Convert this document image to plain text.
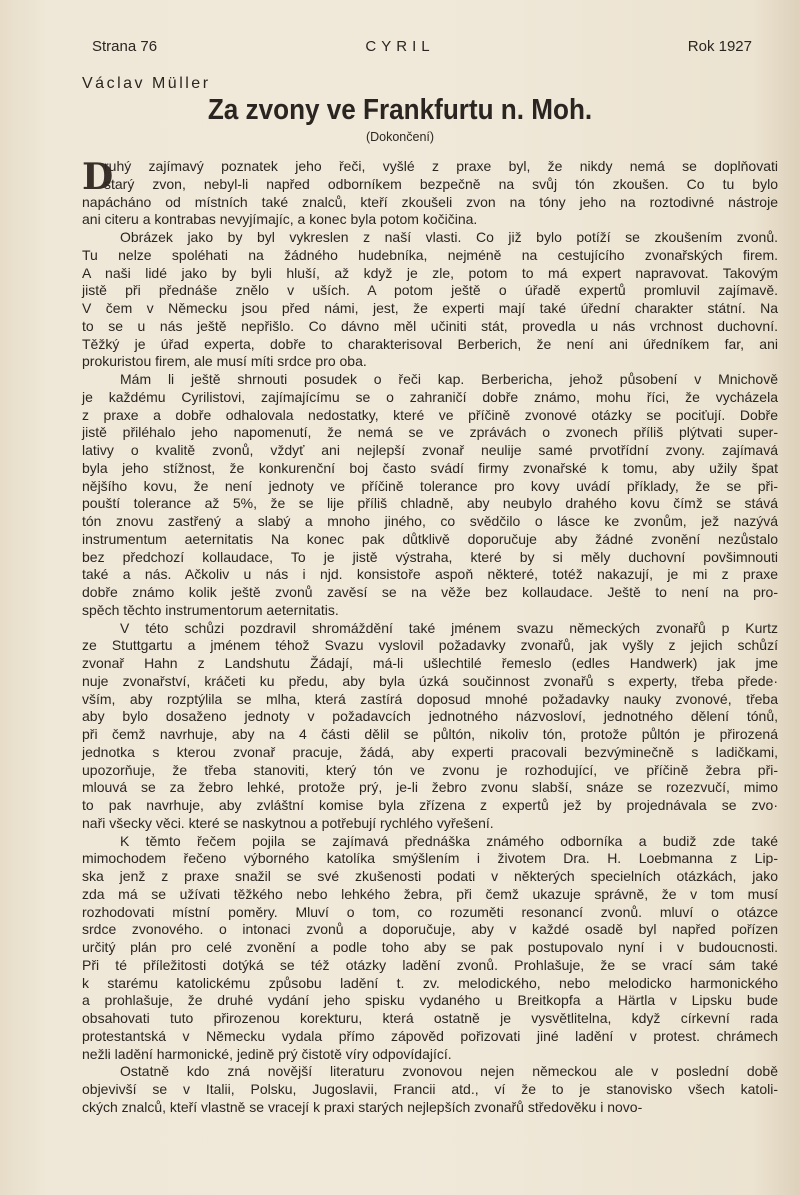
Strana 76	CYRIL	Rok 1927
Václav Müller
Za zvony ve Frankfurtu n. Moh.
(Dokončení)
D
ruhý zajímavý poznatek jeho řeči, vyšlé z praxe byl, že nikdy nemá se doplňovati
starý zvon, nebyl-li napřed odborníkem bezpečně na svůj tón zkoušen. Co tu bylo
napácháno od místních také znalců, kteří zkoušeli zvon na tóny jeho na roztodivné nástroje
ani citeru a kontrabas nevyjímajíc, a konec byla potom kočičina.
Obrázek jako by byl vykreslen z naší vlasti. Co již bylo potíží se zkoušením zvonů.
Tu nelze spoléhati na žádného hudebníka, nejméně na cestujícího zvonařských firem.
A naši lidé jako by byli hluší, až když je zle, potom to má expert napravovat. Takovým
jistě při přednáše znělo v uších. A potom ještě o úřadě expertů promluvil zajímavě.
V čem v Německu jsou před námi, jest, že experti mají také úřední charakter státní. Na
to se u nás ještě nepřišlo. Co dávno měl učiniti stát, provedla u nás vrchnost duchovní.
Těžký je úřad experta, dobře to charakterisoval Berberich, že není ani úředníkem far, ani
prokuristou firem, ale musí míti srdce pro oba.
Mám li ještě shrnouti posudek o řeči kap. Berbericha, jehož působení v Mnichově
je každému Cyrilistovi, zajímajícímu se o zahraničí dobře známo, mohu říci, že vycházela
z praxe a dobře odhalovala nedostatky, které ve příčině zvonové otázky se pociťují. Dobře
jistě přiléhalo jeho napomenutí, že nemá se ve zprávách o zvonech příliš plýtvati super-
lativy o kvalitě zvonů, vždyť ani nejlepší zvonař neulije samé prvotřídní zvony. zajímavá
byla jeho stížnost, že konkurenční boj často svádí firmy zvonařské k tomu, aby užily špat
nějšího kovu, že není jednoty ve příčině tolerance pro kovy uvádí příklady, že se při-
pouští tolerance až 5%, že se lije příliš chladně, aby neubylo drahého kovu čímž se stává
tón znovu zastřený a slabý a mnoho jiného, co svědčilo o lásce ke zvonům, jež nazývá
instrumentum aeternitatis Na konec pak důtklivě doporučuje aby žádné zvonění nezůstalo
bez předchozí kollaudace, To je jistě výstraha, které by si měly duchovní povšimnouti
také a nás. Ačkoliv u nás i njd. konsistoře aspoň některé, totéž nakazují, je mi z praxe
dobře známo kolik ještě zvonů zavěsí se na věže bez kollaudace. Ještě to není na pro-
spěch těchto instrumentorum aeternitatis.
V této schůzi pozdravil shromáždění také jménem svazu německých zvonařů p Kurtz
ze Stuttgartu a jménem téhož Svazu vyslovil požadavky zvonařů, jak vyšly z jejich schůzí
zvonař Hahn z Landshutu Žádají, má-li ušlechtilé řemeslo (edles Handwerk) jak jme
nuje zvonařství, kráčeti ku předu, aby byla úzká součinnost zvonařů s experty, třeba přede·
vším, aby rozptýlila se mlha, která zastírá doposud mnohé požadavky nauky zvonové, třeba
aby bylo dosaženo jednoty v požadavcích jednotného názvosloví, jednotného dělení tónů,
při čemž navrhuje, aby na 4 části dělil se půltón, nikoliv tón, protože půltón je přirozená
jednotka s kterou zvonař pracuje, žádá, aby experti pracovali bezvýminečně s ladičkami,
upozorňuje, že třeba stanoviti, který tón ve zvonu je rozhodující, ve příčině žebra při-
mlouvá se za žebro lehké, protože prý, je-li žebro zvonu slabší, snáze se rozezvučí, mimo
to pak navrhuje, aby zvláštní komise byla zřízena z expertů jež by projednávala se zvo·
naři všecky věci. které se naskytnou a potřebují rychlého vyřešení.
K těmto řečem pojila se zajímavá přednáška známého odborníka a budiž zde také
mimochodem řečeno výborného katolíka smýšlením i životem Dra. H. Loebmanna z Lip-
ska jenž z praxe snažil se své zkušenosti podati v některých specielních otázkách, jako
zda má se užívati těžkého nebo lehkého žebra, při čemž ukazuje správně, že v tom musí
rozhodovati místní poměry. Mluví o tom, co rozuměti resonancí zvonů. mluví o otázce
srdce zvonového. o intonaci zvonů a doporučuje, aby v každé osadě byl napřed pořízen
určitý plán pro celé zvonění a podle toho aby se pak postupovalo nyní i v budoucnosti.
Při té příležitosti dotýká se též otázky ladění zvonů. Prohlašuje, že se vrací sám také
k starému katolickému způsobu ladění t. zv. melodického, nebo melodicko harmonického
a prohlašuje, že druhé vydání jeho spisku vydaného u Breitkopfa a Härtla v Lipsku bude
obsahovati tuto přirozenou korekturu, která ostatně je vysvětlitelna, když církevní rada
protestantská v Německu vydala přímo zápověd pořizovati jiné ladění v protest. chrámech
nežli ladění harmonické, jedině prý čistotě víry odpovídající.
Ostatně kdo zná novější literaturu zvonovou nejen německou ale v poslední době
objevivší se v Italii, Polsku, Jugoslavii, Francii atd., ví že to je stanovisko všech katoli-
ckých znalců, kteří vlastně se vracejí k praxi starých nejlepších zvonařů středověku i novo-
